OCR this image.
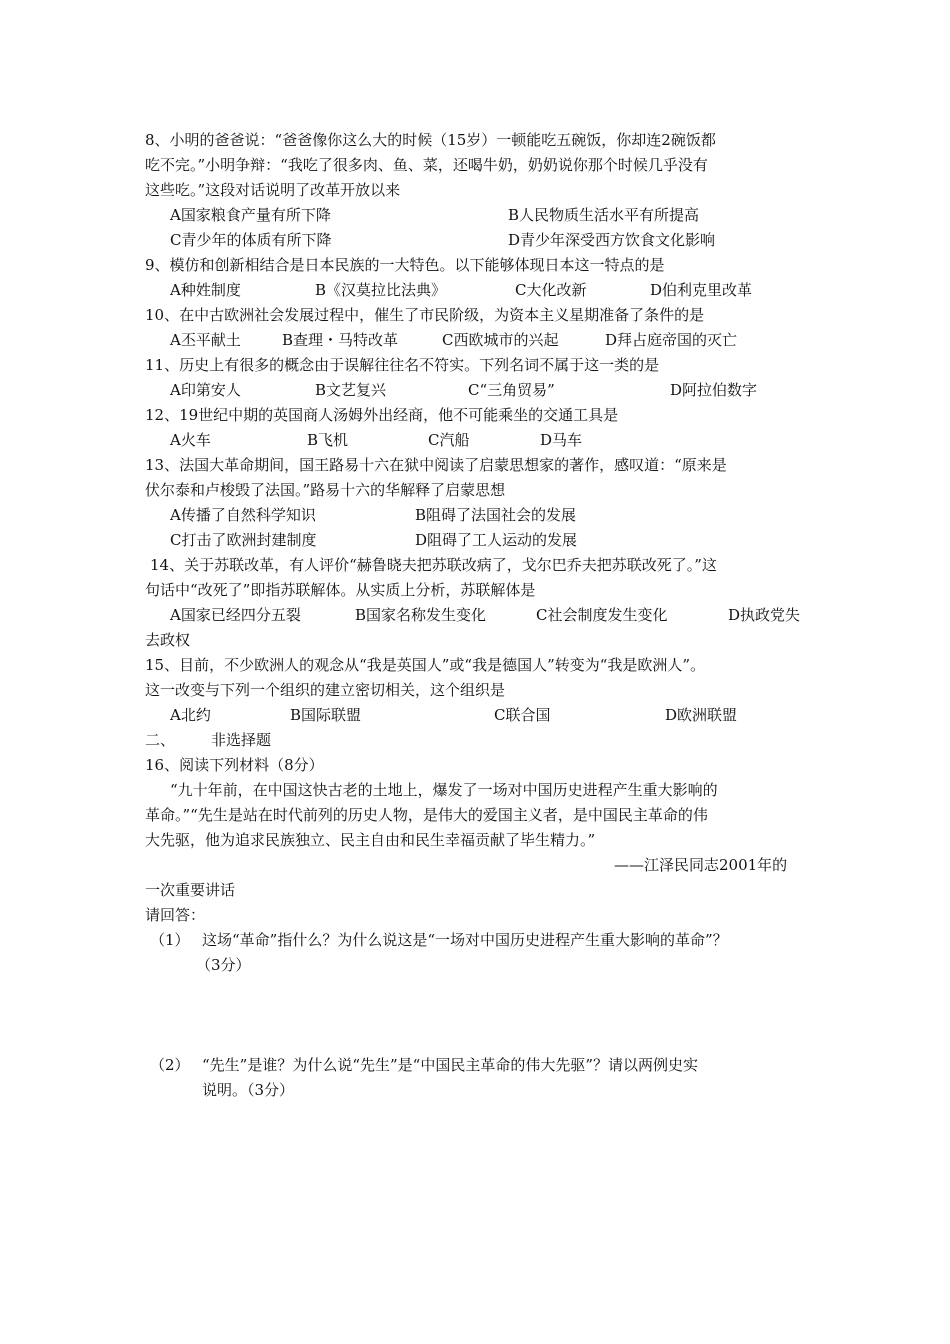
8、小明的爸爸说：“爸爸像你这么大的时候（15岁）一顿能吃五碗饭，你却连2碗饭都
吃不完。”小明争辩：“我吃了很多肉、鱼、菜，还喝牛奶，奶奶说你那个时候几乎没有
这些吃。”这段对话说明了改革开放以来
A国家粮食产量有所下降	B人民物质生活水平有所提高
C青少年的体质有所下降	D青少年深受西方饮食文化影响
9、模仿和创新相结合是日本民族的一大特色。以下能够体现日本这一特点的是
A种姓制度	B《汉莫拉比法典》	C大化改新	D伯利克里改革
10、在中古欧洲社会发展过程中，催生了市民阶级，为资本主义星期准备了条件的是
A丕平献土	B查理・马特改革	C西欧城市的兴起	D拜占庭帝国的灭亡
11、历史上有很多的概念由于误解往往名不符实。下列名词不属于这一类的是
A印第安人	B文艺复兴	C“三角贸易”	D阿拉伯数字
12、19世纪中期的英国商人汤姆外出经商，他不可能乘坐的交通工具是
A火车	B飞机	C汽船	D马车
13、法国大革命期间，国王路易十六在狱中阅读了启蒙思想家的著作，感叹道：“原来是
伏尔泰和卢梭毁了法国。”路易十六的华解释了启蒙思想
A传播了自然科学知识	B阻碍了法国社会的发展
C打击了欧洲封建制度	D阻碍了工人运动的发展
14、关于苏联改革，有人评价“赫鲁晓夫把苏联改病了，戈尔巴乔夫把苏联改死了。”这
句话中“改死了”即指苏联解体。从实质上分析，苏联解体是
A国家已经四分五裂	B国家名称发生变化	C社会制度发生变化	D执政党失
去政权
15、目前，不少欧洲人的观念从“我是英国人”或“我是德国人”转变为“我是欧洲人”。
这一改变与下列一个组织的建立密切相关，这个组织是
A北约	B国际联盟	C联合国	D欧洲联盟
二、 非选择题
16、阅读下列材料（8分）
“九十年前，在中国这快古老的土地上，爆发了一场对中国历史进程产生重大影响的
革命。”“先生是站在时代前列的历史人物，是伟大的爱国主义者，是中国民主革命的伟
大先驱，他为追求民族独立、民主自由和民生幸福贡献了毕生精力。”
——江泽民同志2001年的
一次重要讲话
请回答：
（1） 这场“革命”指什么？为什么说这是“一场对中国历史进程产生重大影响的革命”？
（3分）
（2） “先生”是谁？为什么说“先生”是“中国民主革命的伟大先驱”？请以两例史实
说明。（3分）
